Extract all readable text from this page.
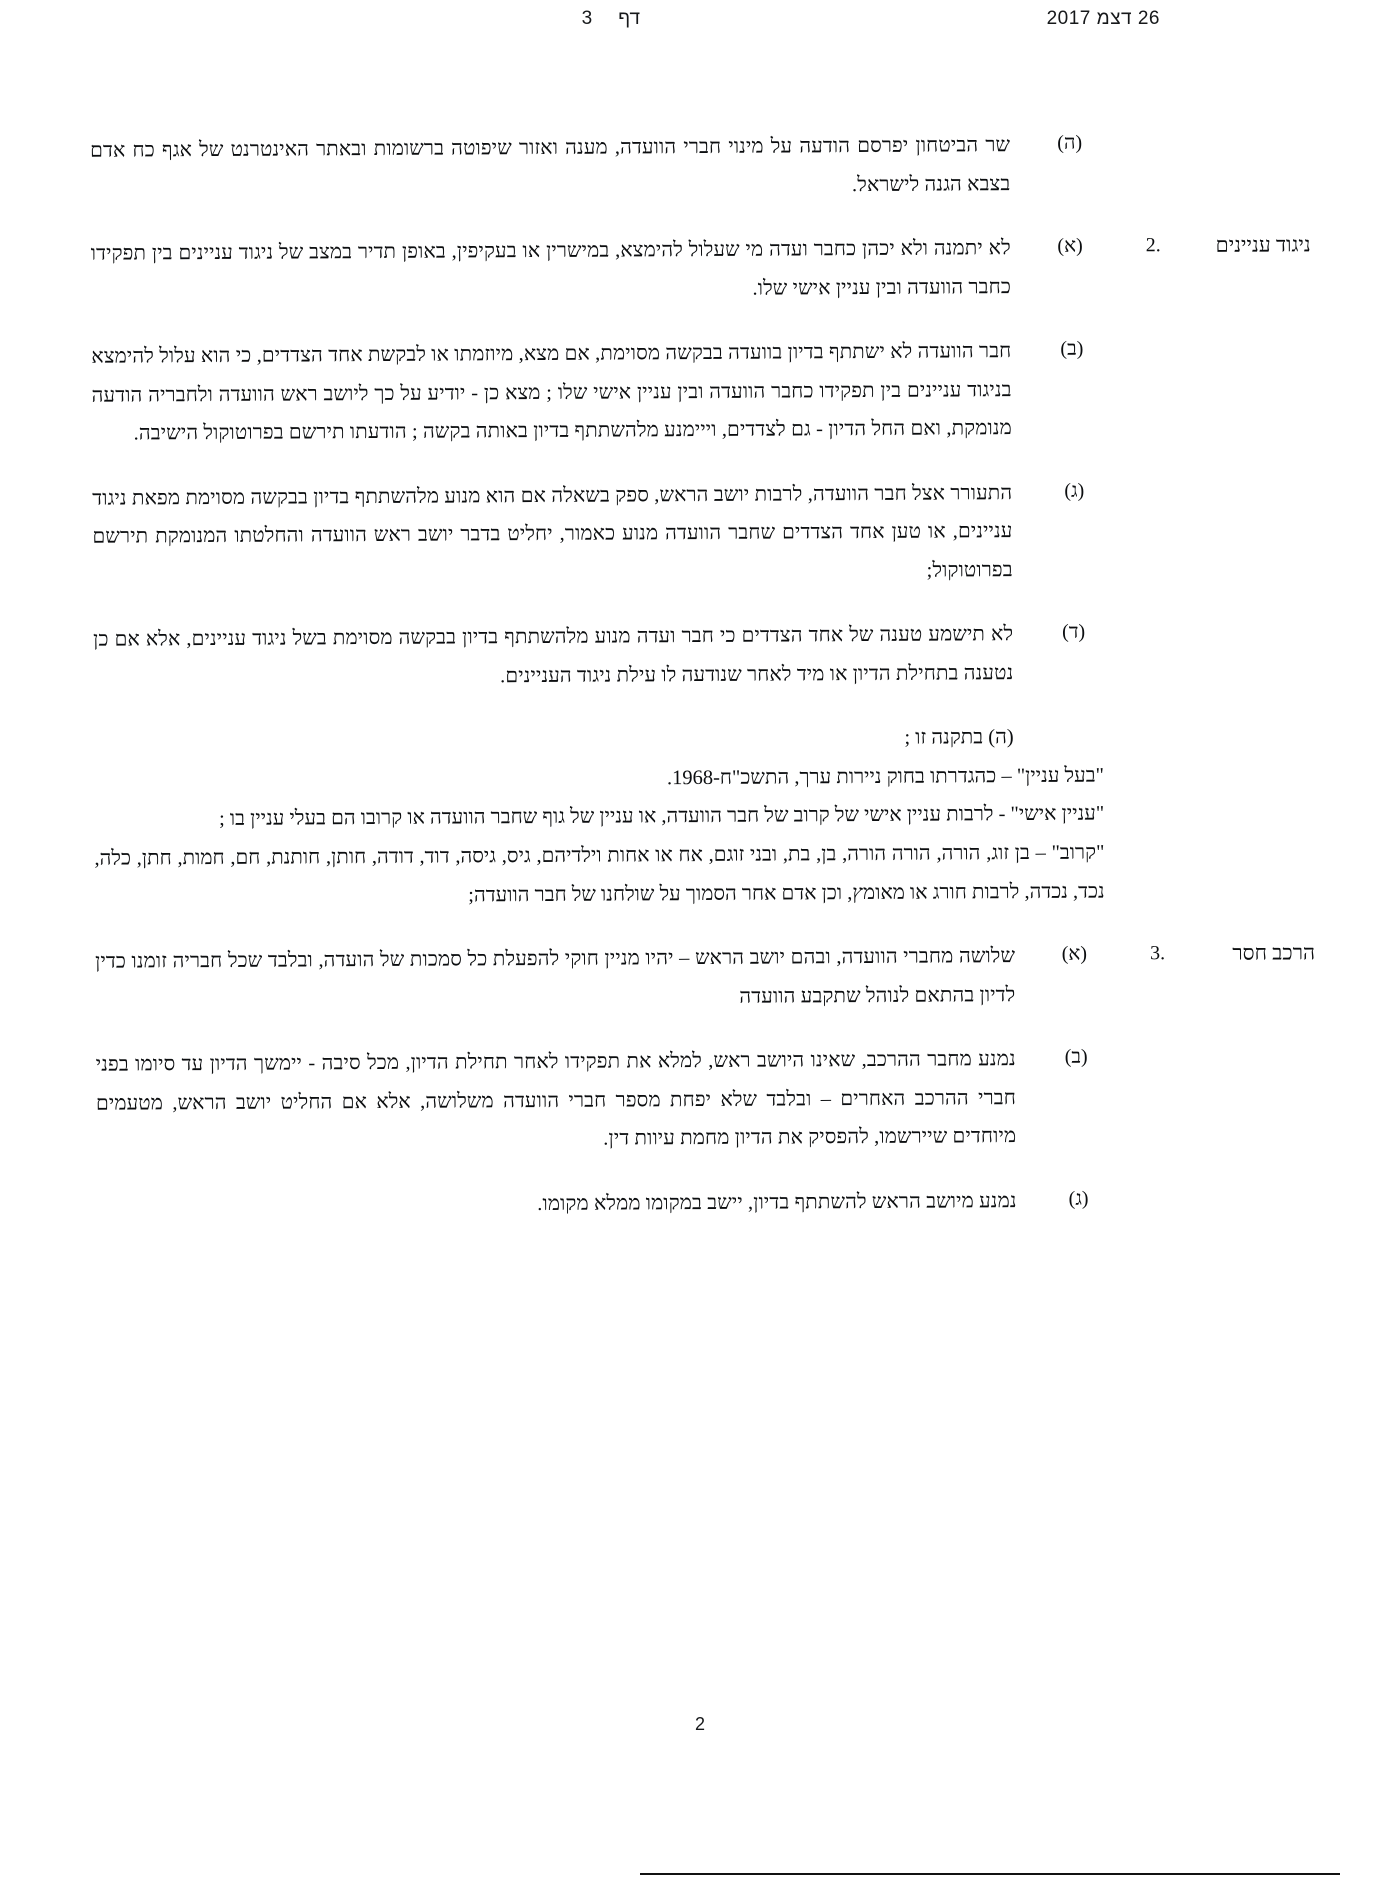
26 דצמ 2017
דף3
(ה)
שר הביטחון יפרסם הודעה על מינוי חברי הוועדה, מענה ואזור שיפוטה ברשומות ובאתר האינטרנט של אגף כח אדם בצבא הגנה לישראל.
ניגוד עניינים
.2
(א)
לא יתמנה ולא יכהן כחבר ועדה מי שעלול להימצא, במישרין או בעקיפין, באופן תדיר במצב של ניגוד עניינים בין תפקידו כחבר הוועדה ובין עניין אישי שלו.
(ב)
חבר הוועדה לא ישתתף בדיון בוועדה בבקשה מסוימת, אם מצא, מיוזמתו או לבקשת אחד הצדדים, כי הוא עלול להימצא בניגוד עניינים בין תפקידו כחבר הוועדה ובין עניין אישי שלו ; מצא כן - יודיע על כך ליושב ראש הוועדה ולחבריה הודעה מנומקת, ואם החל הדיון - גם לצדדים, וייימנע מלהשתתף בדיון באותה בקשה ; הודעתו תירשם בפרוטוקול הישיבה.
(ג)
התעורר אצל חבר הוועדה, לרבות יושב הראש, ספק בשאלה אם הוא מנוע מלהשתתף בדיון בבקשה מסוימת מפאת ניגוד עניינים, או טען אחד הצדדים שחבר הוועדה מנוע כאמור, יחליט בדבר יושב ראש הוועדה והחלטתו המנומקת תירשם בפרוטוקול;
(ד)
לא תישמע טענה של אחד הצדדים כי חבר ועדה מנוע מלהשתתף בדיון בבקשה מסוימת בשל ניגוד עניינים, אלא אם כן נטענה בתחילת הדיון או מיד לאחר שנודעה לו עילת ניגוד העניינים.
(ה) בתקנה זו ;
"בעל עניין" – כהגדרתו בחוק ניירות ערך, התשכ"ח-1968.
"עניין אישי" - לרבות עניין אישי של קרוב של חבר הוועדה, או עניין של גוף שחבר הוועדה או קרובו הם בעלי עניין בו ;
"קרוב" – בן זוג, הורה, הורה הורה, בן, בת, ובני זוגם, אח או אחות וילדיהם, גיס, גיסה, דוד, דודה, חותן, חותנת, חם, חמות, חתן, כלה, נכד, נכדה, לרבות חורג או מאומץ, וכן אדם אחר הסמוך על שולחנו של חבר הוועדה;
הרכב חסר
.3
(א)
שלושה מחברי הוועדה, ובהם יושב הראש – יהיו מניין חוקי להפעלת כל סמכות של הועדה, ובלבד שכל חבריה זומנו כדין לדיון בהתאם לנוהל שתקבע הוועדה
(ב)
נמנע מחבר ההרכב, שאינו היושב ראש, למלא את תפקידו לאחר תחילת הדיון, מכל סיבה - יימשך הדיון עד סיומו בפני חברי ההרכב האחרים – ובלבד שלא יפחת מספר חברי הוועדה משלושה, אלא אם החליט יושב הראש, מטעמים מיוחדים שיירשמו, להפסיק את הדיון מחמת עיוות דין.
(ג)
נמנע מיושב הראש להשתתף בדיון, יישב במקומו ממלא מקומו.
2
